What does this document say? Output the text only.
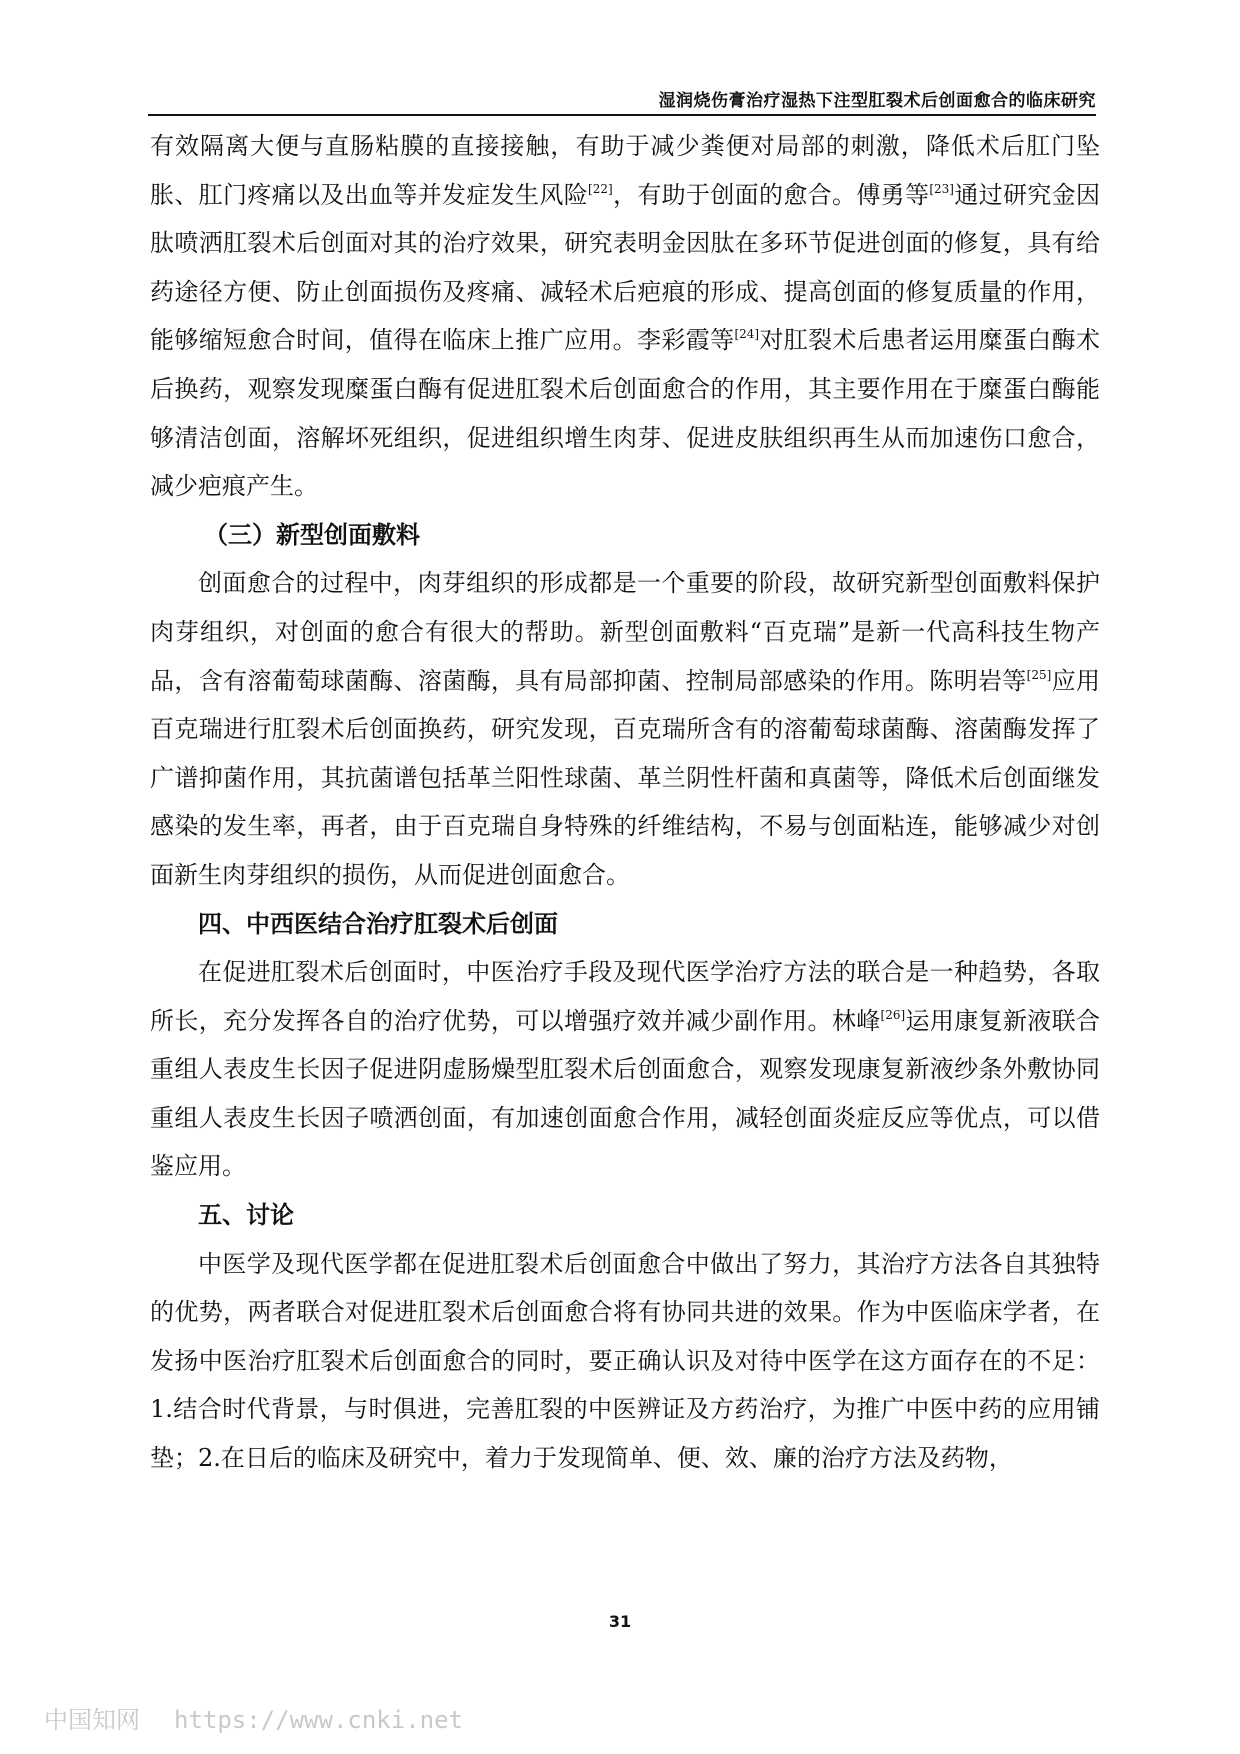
湿润烧伤膏治疗湿热下注型肛裂术后创面愈合的临床研究

有效隔离大便与直肠粘膜的直接接触，有助于减少粪便对局部的刺激，降低术后肛门坠胀、肛门疼痛以及出血等并发症发生风险[22]，有助于创面的愈合。傅勇等[23]通过研究金因肽喷洒肛裂术后创面对其的治疗效果，研究表明金因肽在多环节促进创面的修复，具有给药途径方便、防止创面损伤及疼痛、减轻术后疤痕的形成、提高创面的修复质量的作用，能够缩短愈合时间，值得在临床上推广应用。李彩霞等[24]对肛裂术后患者运用糜蛋白酶术后换药，观察发现糜蛋白酶有促进肛裂术后创面愈合的作用，其主要作用在于糜蛋白酶能够清洁创面，溶解坏死组织，促进组织增生肉芽、促进皮肤组织再生从而加速伤口愈合，减少疤痕产生。

（三）新型创面敷料

创面愈合的过程中，肉芽组织的形成都是一个重要的阶段，故研究新型创面敷料保护肉芽组织，对创面的愈合有很大的帮助。新型创面敷料“百克瑞”是新一代高科技生物产品，含有溶葡萄球菌酶、溶菌酶，具有局部抑菌、控制局部感染的作用。陈明岩等[25]应用百克瑞进行肛裂术后创面换药，研究发现，百克瑞所含有的溶葡萄球菌酶、溶菌酶发挥了广谱抑菌作用，其抗菌谱包括革兰阳性球菌、革兰阴性杆菌和真菌等，降低术后创面继发感染的发生率，再者，由于百克瑞自身特殊的纤维结构，不易与创面粘连，能够减少对创面新生肉芽组织的损伤，从而促进创面愈合。

四、中西医结合治疗肛裂术后创面

在促进肛裂术后创面时，中医治疗手段及现代医学治疗方法的联合是一种趋势，各取所长，充分发挥各自的治疗优势，可以增强疗效并减少副作用。林峰[26]运用康复新液联合重组人表皮生长因子促进阴虚肠燥型肛裂术后创面愈合，观察发现康复新液纱条外敷协同重组人表皮生长因子喷洒创面，有加速创面愈合作用，减轻创面炎症反应等优点，可以借鉴应用。

五、讨论

中医学及现代医学都在促进肛裂术后创面愈合中做出了努力，其治疗方法各自其独特的优势，两者联合对促进肛裂术后创面愈合将有协同共进的效果。作为中医临床学者，在发扬中医治疗肛裂术后创面愈合的同时，要正确认识及对待中医学在这方面存在的不足：1.结合时代背景，与时俱进，完善肛裂的中医辨证及方药治疗，为推广中医中药的应用铺垫；2.在日后的临床及研究中，着力于发现简单、便、效、廉的治疗方法及药物，

31
中国知网 https://www.cnki.net
